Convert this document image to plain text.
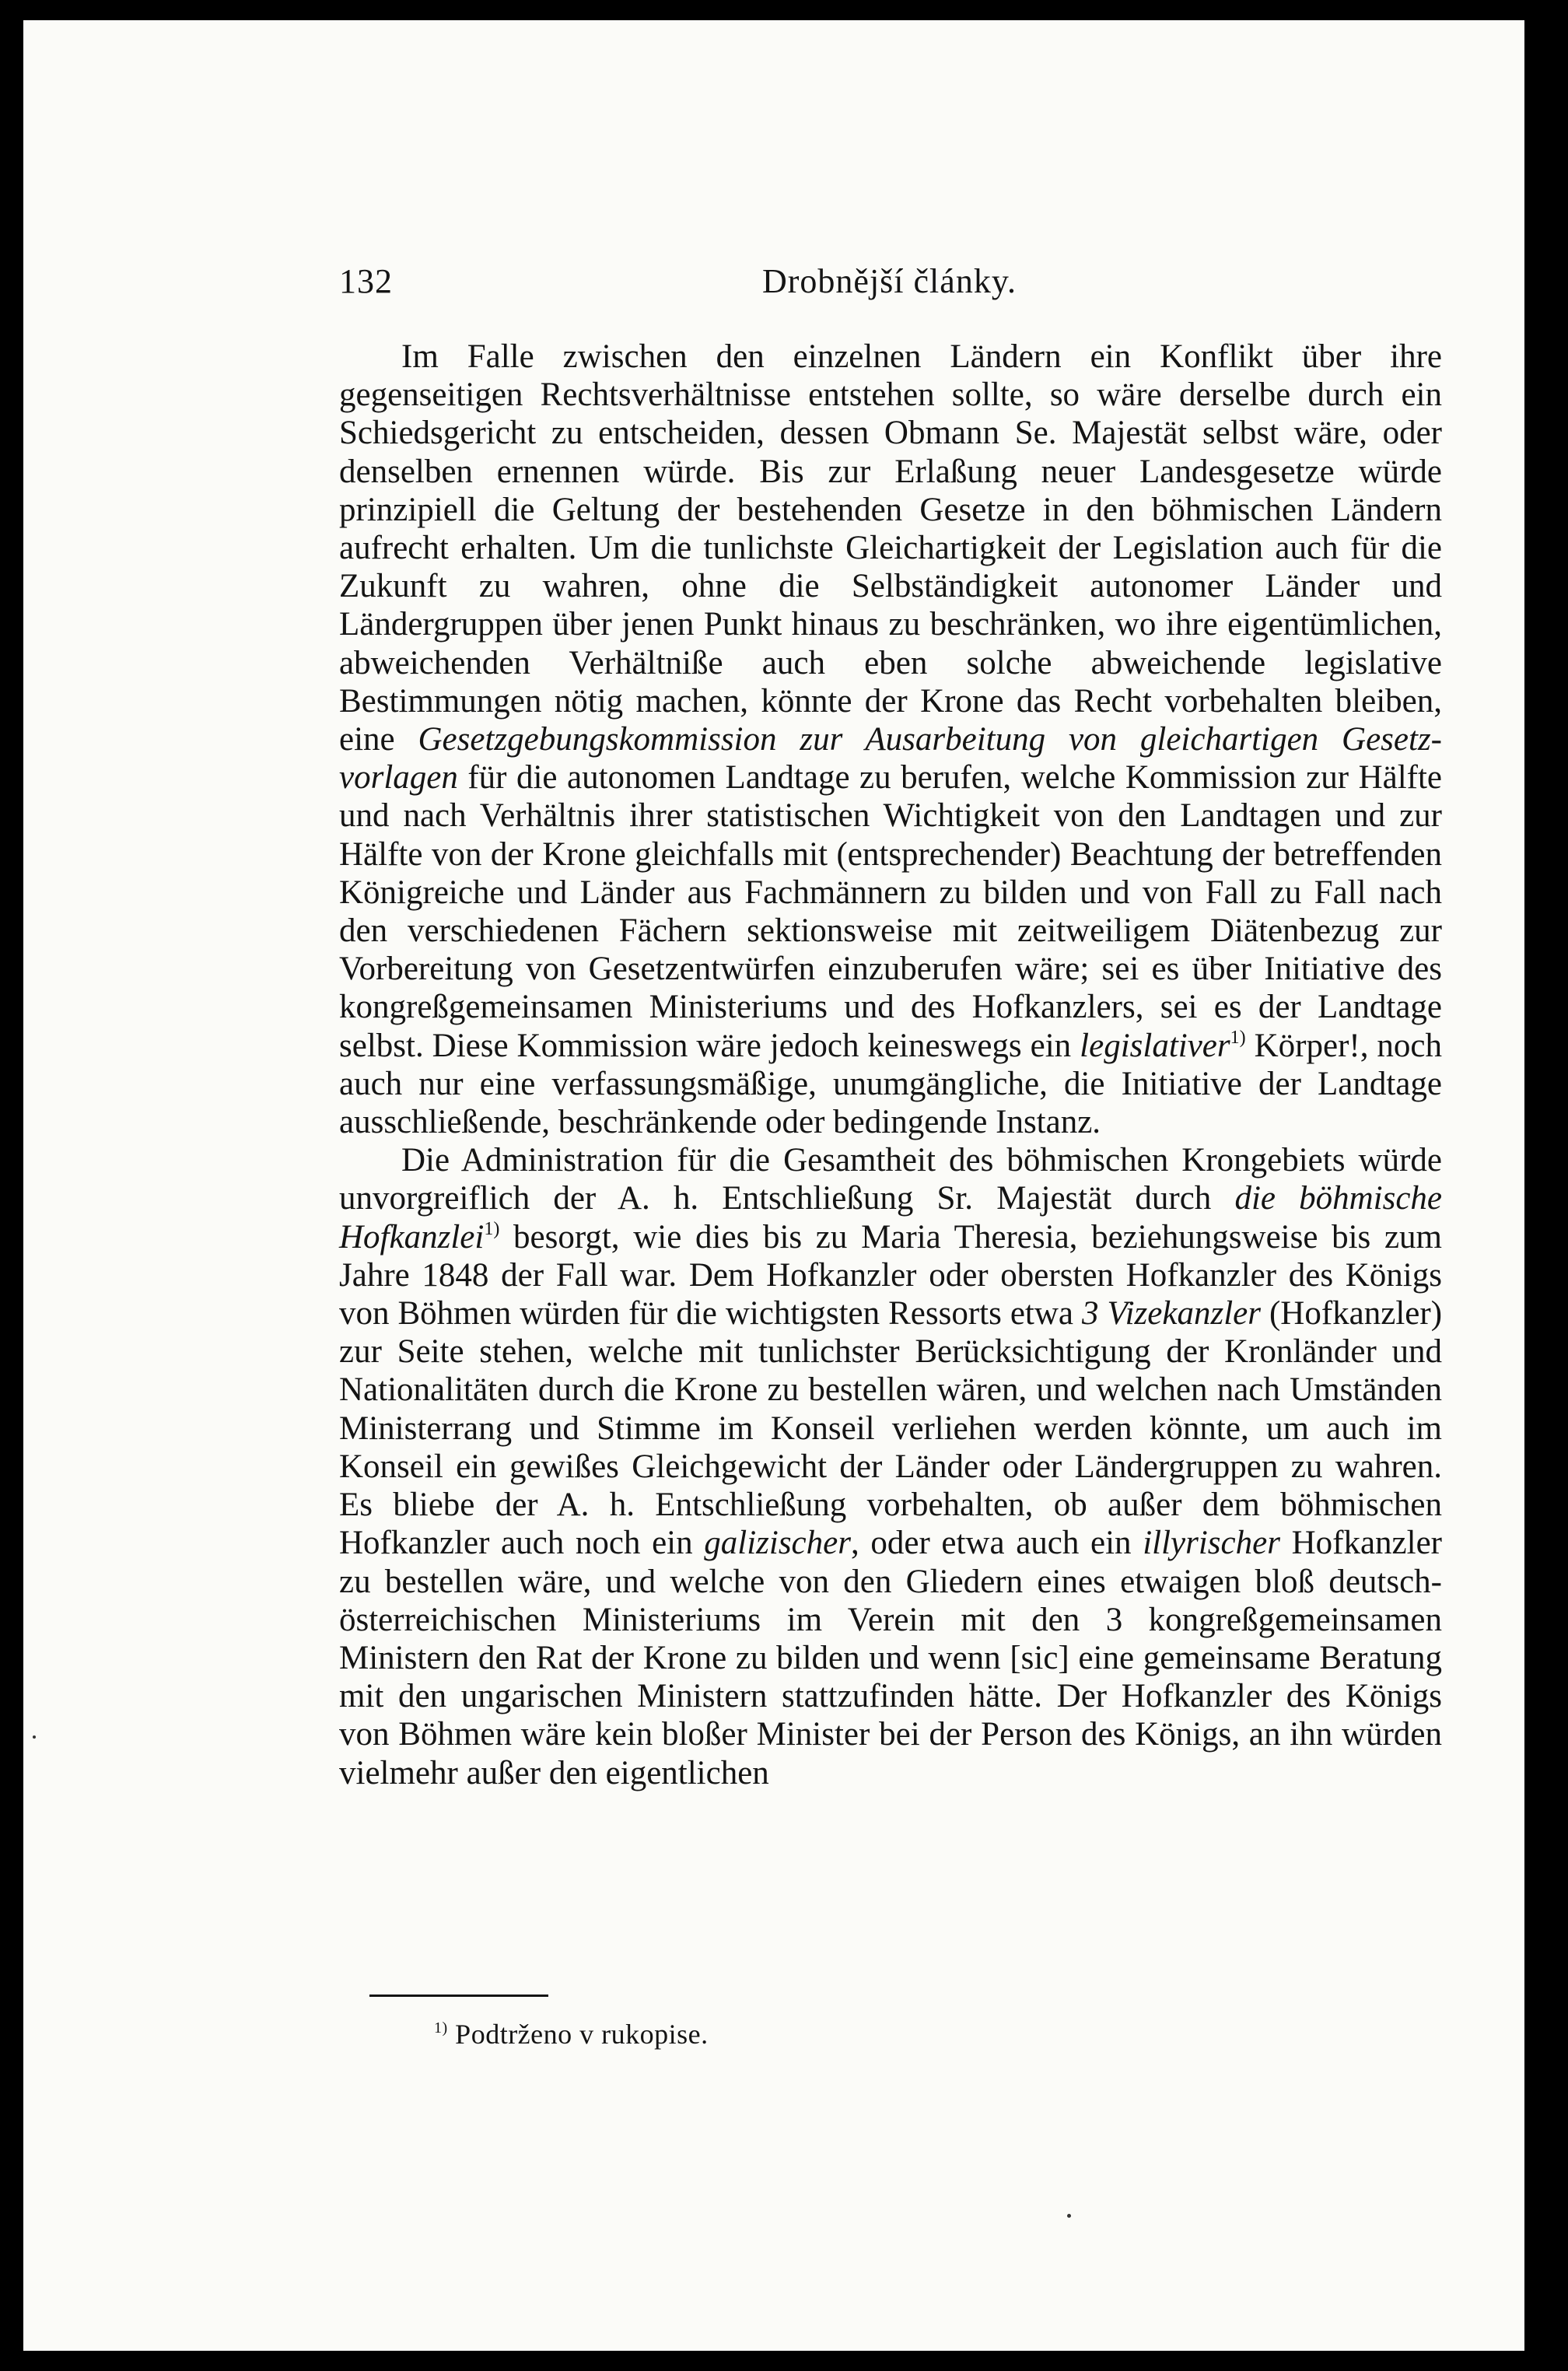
132	Drobnější články.

Im Falle zwischen den einzelnen Ländern ein Konflikt über ihre gegenseitigen Rechtsverhältnisse entstehen sollte, so wäre derselbe durch ein Schiedsgericht zu entscheiden, dessen Obmann Se. Majestät selbst wäre, oder denselben ernennen würde. Bis zur Erlaßung neuer Landesgesetze würde prinzipiell die Geltung der bestehenden Gesetze in den böhmischen Ländern aufrecht erhalten. Um die tunlichste Gleichartigkeit der Legislation auch für die Zukunft zu wahren, ohne die Selbständigkeit autonomer Länder und Ländergruppen über jenen Punkt hinaus zu beschränken, wo ihre eigentümlichen, abweichenden Verhältniße auch eben solche abweichende legislative Bestimmungen nötig machen, könnte der Krone das Recht vorbehalten bleiben, eine Gesetzgebungskommission zur Ausarbeitung von gleichartigen Gesetz-vorlagen für die autonomen Landtage zu berufen, welche Kommission zur Hälfte und nach Verhältnis ihrer statistischen Wichtigkeit von den Landtagen und zur Hälfte von der Krone gleichfalls mit (entsprechender) Beachtung der betreffenden Königreiche und Länder aus Fachmännern zu bilden und von Fall zu Fall nach den verschiedenen Fächern sektionsweise mit zeitweiligem Diätenbezug zur Vorbereitung von Gesetzentwürfen einzuberufen wäre; sei es über Initiative des kongreßgemeinsamen Ministeriums und des Hofkanzlers, sei es der Landtage selbst. Diese Kommission wäre jedoch keineswegs ein legislativer$^{1)}$ Körper!, noch auch nur eine verfassungsmäßige, unumgängliche, die Initiative der Landtage ausschließende, beschränkende oder bedingende Instanz.

Die Administration für die Gesamtheit des böhmischen Krongebiets würde unvorgreiflich der A. h. Entschließung Sr. Majestät durch die böhmische Hofkanzlei$^{1)}$ besorgt, wie dies bis zu Maria Theresia, beziehungsweise bis zum Jahre 1848 der Fall war. Dem Hofkanzler oder obersten Hofkanzler des Königs von Böhmen würden für die wichtigsten Ressorts etwa 3 Vizekanzler (Hofkanzler) zur Seite stehen, welche mit tunlichster Berücksichtigung der Kronländer und Nationalitäten durch die Krone zu bestellen wären, und welchen nach Umständen Ministerrang und Stimme im Konseil verliehen werden könnte, um auch im Konseil ein gewißes Gleichgewicht der Länder oder Ländergruppen zu wahren. Es bliebe der A. h. Entschließung vorbehalten, ob außer dem böhmischen Hofkanzler auch noch ein galizischer, oder etwa auch ein illyrischer Hofkanzler zu bestellen wäre, und welche von den Gliedern eines etwaigen bloß deutsch-österreichischen Ministeriums im Verein mit den 3 kongreßgemeinsamen Ministern den Rat der Krone zu bilden und wenn [sic] eine gemeinsame Beratung mit den ungarischen Ministern stattzufinden hätte. Der Hofkanzler des Königs von Böhmen wäre kein bloßer Minister bei der Person des Königs, an ihn würden vielmehr außer den eigentlichen

$^{1)}$ Podtrženo v rukopise.
